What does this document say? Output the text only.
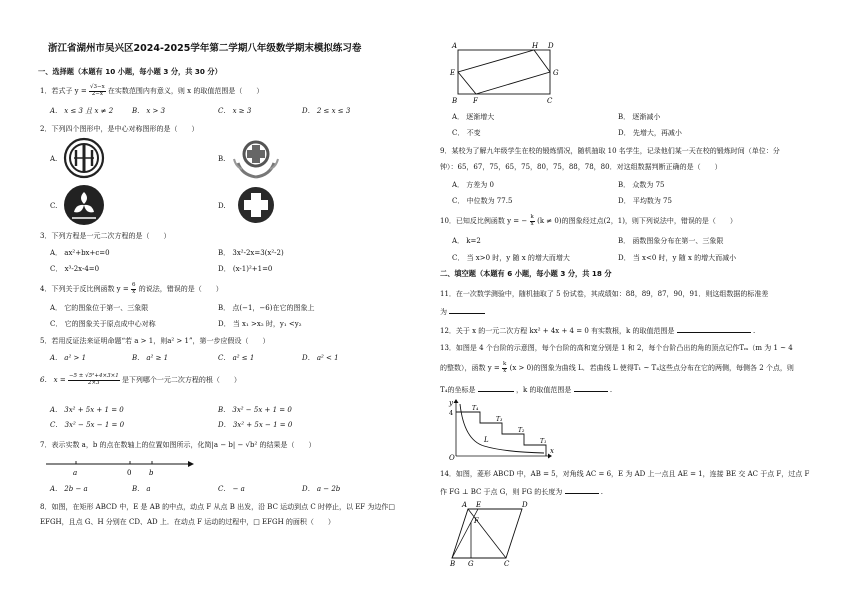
浙江省湖州市吴兴区2024-2025学年第二学期八年级数学期末模拟练习卷
一、选择题（本题有 10 小题，每小题 3 分，共 30 分）
1．若式子 $y = \frac{√3-x}{2-x}$ 在实数范围内有意义，则 x 的取值范围是（　　）
A． x ≤ 3 且 x ≠ 2	B． x > 3	C． x ≥ 3	D． 2 ≤ x ≤ 3
2．下列四个图形中，是中心对称图形的是（　　）
A.	B.
C.	D.
3．下列方程是一元二次方程的是（　　）
A． ax²+bx+c=0	B． 3x²-2x=3(x²-2)
C． x³-2x-4=0	D． (x-1)²+1=0
4．下列关于反比例函数 $y = \frac{6}{x}$ 的说法，错误的是（　　）
A． 它的图象位于第一、三象限	B． 点(−1，−6)在它的图象上
C． 它的图象关于原点成中心对称	D． 当 x₁ >x₂ 时，y₁ <y₂
5．若用反证法来证明命题“若 a > 1，则a² > 1”，第一步应假设（　　）
A． a² > 1	B． a² ≥ 1	C． a² ≤ 1	D． a² < 1
6． $x = \frac{\text{−5 ± √5²+4×3×1}}{2\times 3}$ 是下列哪个一元二次方程的根（　　）
A． 3x² + 5x + 1 = 0	B． 3x² − 5x + 1 = 0
C． 3x² − 5x − 1 = 0	D． 3x² + 5x − 1 = 0
7．表示实数 a，b 的点在数轴上的位置如图所示，化简|a − b| − √b² 的结果是（　　）
a	0	b
A． 2b − a	B． a	C． − a	D． a − 2b
8．如图，在矩形 ABCD 中，E 是 AB 的中点，动点 F 从点 B 出发，沿 BC 运动到点 C 时停止，以 EF 为边作□
EFGH，且点 G、H 分别在 CD、AD 上．在动点 F 运动的过程中，□ EFGH 的面积（　　）
A	H D
E	G
B F	C
A． 逐渐增大	B． 逐渐减小
C． 不变	D． 先增大，再减小
9．某校为了解九年级学生在校的锻炼情况，随机抽取 10 名学生，记录他们某一天在校的锻炼时间（单位：分
钟）：65，67，75，65，75，80，75，88，78，80．对这组数据判断正确的是（　　）
A． 方差为 0	B． 众数为 75
C． 中位数为 77.5	D． 平均数为 75
10．已知反比例函数 y = − $\frac{k}{x} (k \ne 0)$的图象经过点(2，1)，则下列说法中，错误的是（　　）
A． k=2	B． 函数图象分布在第一、三象限
C． 当 x>0 时，y 随 x 的增大而增大	D． 当 x<0 时，y 随 x 的增大而减小
二、填空题（本题有 6 小题，每小题 3 分，共 18 分
11．在一次数学测验中，随机抽取了 5 份试卷，其成绩如：88，89，87，90，91．则这组数据的标准差
为
12．关于 x 的一元二次方程 kx² + 4x + 4 = 0 有实数根，k 的取值范围是	.
13．如图是 4 个台阶的示意图，每个台阶的高和宽分别是 1 和 2，每个台阶凸出的角的顶点记作Tₘ（m 为 1 ~ 4
的整数），函数 $y = \frac{k}{x} (x > 0)$的图象为曲线 L．若曲线 L 使得T₁ ~ T₄这些点分布在它的两侧，每侧各 2 个点，则
T₄的坐标是	，k 的取值范围是	.
y
x
O
4
L
T₄
T₃
T₂
T₁
14．如图，菱形 ABCD 中，AB = 5，对角线 AC = 6，E 为 AD 上一点且 AE = 1，连接 BE 交 AC 于点 F，过点 F
作 FG ⊥ BC 于点 G，则 FG 的长度为	.
A E	D
F
B G	C
